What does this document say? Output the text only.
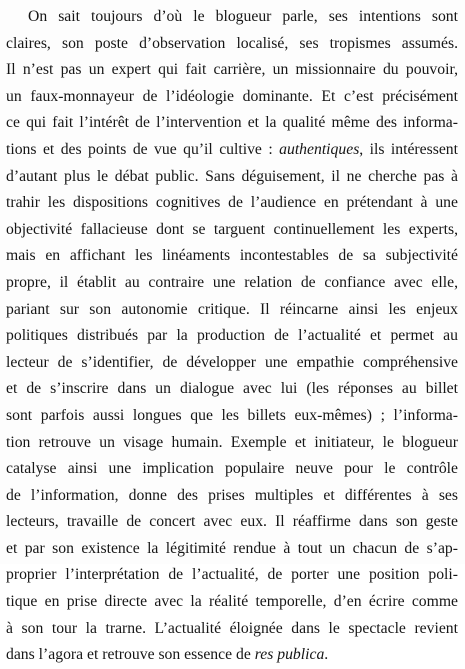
On sait toujours d’où le blogueur parle, ses intentions sont
claires, son poste d’observation localisé, ses tropismes assumés.
Il n’est pas un expert qui fait carrière, un missionnaire du pouvoir,
un faux-monnayeur de l’idéologie dominante. Et c’est précisément
ce qui fait l’intérêt de l’intervention et la qualité même des informa-
tions et des points de vue qu’il cultive : authentiques, ils intéressent
d’autant plus le débat public. Sans déguisement, il ne cherche pas à
trahir les dispositions cognitives de l’audience en prétendant à une
objectivité fallacieuse dont se targuent continuellement les experts,
mais en affichant les linéaments incontestables de sa subjectivité
propre, il établit au contraire une relation de confiance avec elle,
pariant sur son autonomie critique. Il réincarne ainsi les enjeux
politiques distribués par la production de l’actualité et permet au
lecteur de s’identifier, de développer une empathie compréhensive
et de s’inscrire dans un dialogue avec lui (les réponses au billet
sont parfois aussi longues que les billets eux-mêmes) ; l’informa-
tion retrouve un visage humain. Exemple et initiateur, le blogueur
catalyse ainsi une implication populaire neuve pour le contrôle
de l’information, donne des prises multiples et différentes à ses
lecteurs, travaille de concert avec eux. Il réaffirme dans son geste
et par son existence la légitimité rendue à tout un chacun de s’ap-
proprier l’interprétation de l’actualité, de porter une position poli-
tique en prise directe avec la réalité temporelle, d’en écrire comme
à son tour la trarne. L’actualité éloignée dans le spectacle revient
dans l’agora et retrouve son essence de res publica.
